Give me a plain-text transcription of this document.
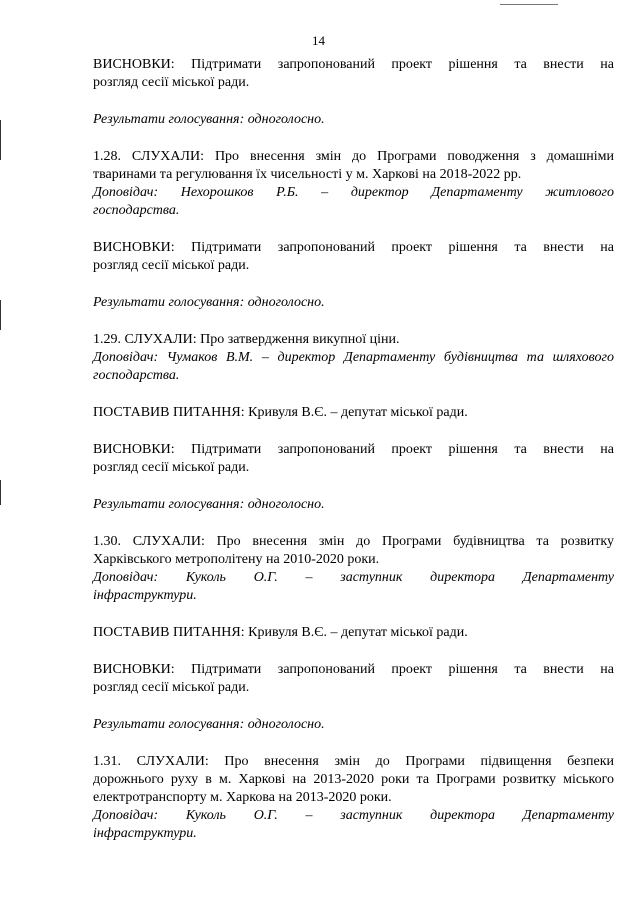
14

ВИСНОВКИ: Підтримати запропонований проект рішення та внести на

розгляд сесії міської ради.

Результати голосування: одноголосно.

1.28. СЛУХАЛИ: Про внесення змін до Програми поводження з домашніми

тваринами та регулювання їх чисельності у м. Харкові на 2018-2022 рр.

Доповідач: Нехорошков Р.Б. – директор Департаменту житлового

господарства.

ВИСНОВКИ: Підтримати запропонований проект рішення та внести на

розгляд сесії міської ради.

Результати голосування: одноголосно.

1.29. СЛУХАЛИ: Про затвердження викупної ціни.

Доповідач: Чумаков В.М. – директор Департаменту будівництва та шляхового

господарства.

ПОСТАВИВ ПИТАННЯ: Кривуля В.Є. – депутат міської ради.

ВИСНОВКИ: Підтримати запропонований проект рішення та внести на

розгляд сесії міської ради.

Результати голосування: одноголосно.

1.30. СЛУХАЛИ: Про внесення змін до Програми будівництва та розвитку

Харківського метрополітену на 2010-2020 роки.

Доповідач: Куколь О.Г. – заступник директора Департаменту

інфраструктури.

ПОСТАВИВ ПИТАННЯ: Кривуля В.Є. – депутат міської ради.

ВИСНОВКИ: Підтримати запропонований проект рішення та внести на

розгляд сесії міської ради.

Результати голосування: одноголосно.

1.31. СЛУХАЛИ: Про внесення змін до Програми підвищення безпеки

дорожнього руху в м. Харкові на 2013-2020 роки та Програми розвитку міського

електротранспорту м. Харкова на 2013-2020 роки.

Доповідач: Куколь О.Г. – заступник директора Департаменту

інфраструктури.
